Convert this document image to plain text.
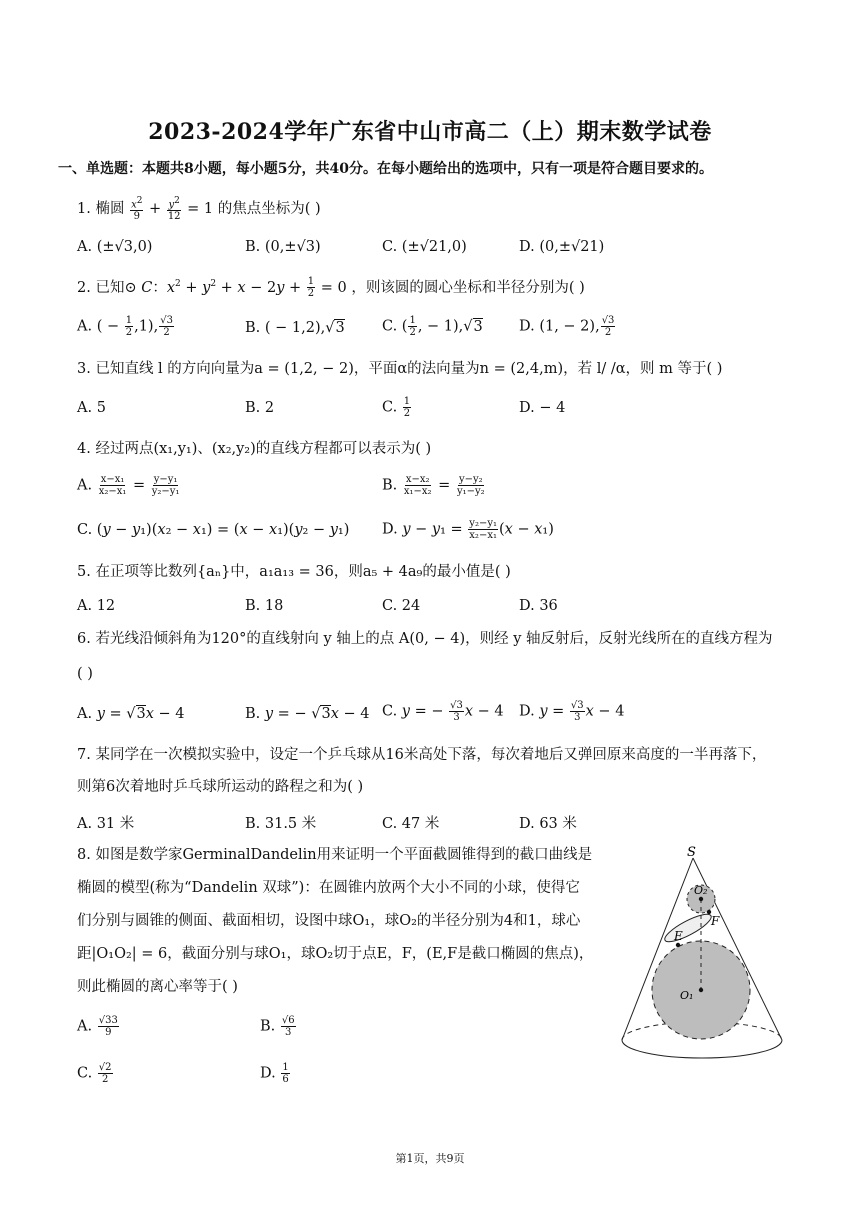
2023-2024学年广东省中山市高二（上）期末数学试卷
一、单选题：本题共8小题，每小题5分，共40分。在每小题给出的选项中，只有一项是符合题目要求的。
1. 椭圆 $\frac{x2}{9} + \frac{y2}{12} = 1$ 的焦点坐标为( )
A. (±√3,0)	B. (0,±√3)	C. (±√21,0)	D. (0,±√21)
2. 已知⊙ C：$x^2 + y^2 + x - 2y + \frac{1}{2} = 0$ ，则该圆的圆心坐标和半径分别为( )
A. ( − $\frac{1}{2} ,1$), $\frac{√3}{2}$	B. ( − 1,2),√3	C. ( $\frac{1}{2}$ , − 1),√3 D. (1, − 2), $\frac{√3}{2}$
3. 已知直线 l 的方向向量为a = (1,2, − 2)，平面α的法向量为n = (2,4,m)，若 l/ /α，则 m 等于( )
A. 5	B. 2	C. $\frac{1}{2}$	D. − 4
4. 经过两点(x₁,y₁)、(x₂,y₂)的直线方程都可以表示为( )
A. $\frac{\text{x−x₁}}{\text{x₂−x₁}} = \frac{\text{y−y₁}}{\text{y₂−y₁}}$	B. $\frac{\text{x−x₂}}{\text{x₁−x₂}} = \frac{\text{y−y₂}}{\text{y₁−y₂}}$
C. (y − y₁)(x₂ − x₁) = (x − x₁)(y₂ − y₁) D. $y - y_1 = \frac{\text{y₂−y₁}}{\text{x₂−x₁}} (x - x_1)$
5. 在正项等比数列{aₙ}中，a₁a₁₃ = 36，则a₅ + 4a₉的最小值是( )
A. 12	B. 18	C. 24	D. 36
6. 若光线沿倾斜角为120°的直线射向 y 轴上的点 A(0, − 4)，则经 y 轴反射后，反射光线所在的直线方程为
( )
A. y = √3x − 4	B. y = − √3x − 4 C. y = − $\frac{√3}{3}$ x − 4 D. $y = \frac{√3}{3}$ x − 4
7. 某同学在一次模拟实验中，设定一个乒乓球从16米高处下落，每次着地后又弹回原来高度的一半再落下，
则第6次着地时乒乓球所运动的路程之和为( )
A. 31 米	B. 31.5 米	C. 47 米	D. 63 米
8. 如图是数学家GerminalDandelin用来证明一个平面截圆锥得到的截口曲线是
椭圆的模型(称为“Dandelin 双球”)：在圆锥内放两个大小不同的小球，使得它
们分别与圆锥的侧面、截面相切，设图中球O₁，球O₂的半径分别为4和1，球心
距|O₁O₂| = 6，截面分别与球O₁，球O₂切于点E，F，(E,F是截口椭圆的焦点)，
则此椭圆的离心率等于( )
A. $\frac{√33}{9}$	B. $\frac{√6}{3}$
C. $\frac{√2}{2}$	D. $\frac{1}{6}$
S
O₂
F
E
O₁
第1页，共9页
